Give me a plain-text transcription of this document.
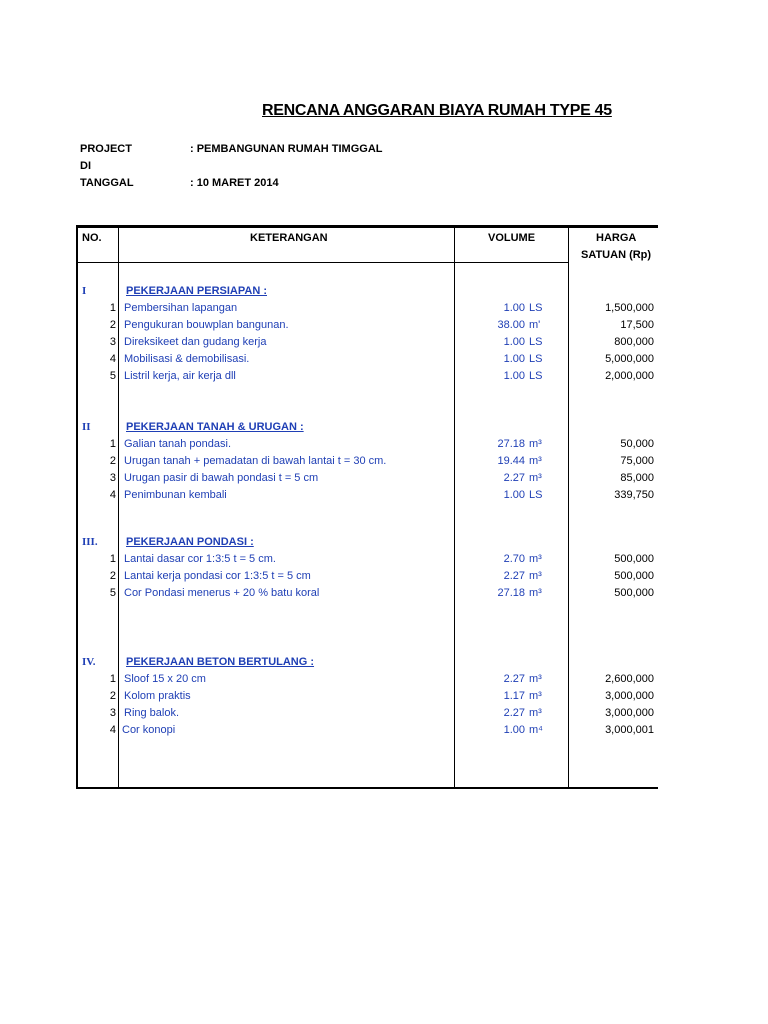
RENCANA ANGGARAN BIAYA RUMAH TYPE 45
PROJECT	: PEMBANGUNAN RUMAH TIMGGAL
DI
TANGGAL	: 10 MARET 2014
NO.	KETERANGAN	VOLUME	HARGA
SATUAN (Rp)
I	PEKERJAAN PERSIAPAN :
1 Pembersihan lapangan	1.00 LS	1,500,000
2 Pengukuran bouwplan bangunan.	38.00 m'	17,500
3 Direksikeet dan gudang kerja	1.00 LS	800,000
4 Mobilisasi & demobilisasi.	1.00 LS	5,000,000
5 Listril kerja, air kerja dll	1.00 LS	2,000,000
II	PEKERJAAN TANAH & URUGAN :
1 Galian tanah pondasi.	27.18 m³	50,000
2 Urugan tanah + pemadatan di bawah lantai t = 30 cm.	19.44 m³	75,000
3 Urugan pasir di bawah pondasi t = 5 cm	2.27 m³	85,000
4 Penimbunan kembali	1.00 LS	339,750
III.	PEKERJAAN PONDASI :
1 Lantai dasar cor 1:3:5 t = 5 cm.	2.70 m³	500,000
2 Lantai kerja pondasi cor 1:3:5 t = 5 cm	2.27 m³	500,000
5 Cor Pondasi menerus + 20 % batu koral	27.18 m³	500,000
IV.	PEKERJAAN BETON BERTULANG :
1 Sloof 15 x 20 cm	2.27 m³	2,600,000
2 Kolom praktis	1.17 m³	3,000,000
3 Ring balok.	2.27 m³	3,000,000
4 Cor konopi	1.00 m⁴	3,000,001
